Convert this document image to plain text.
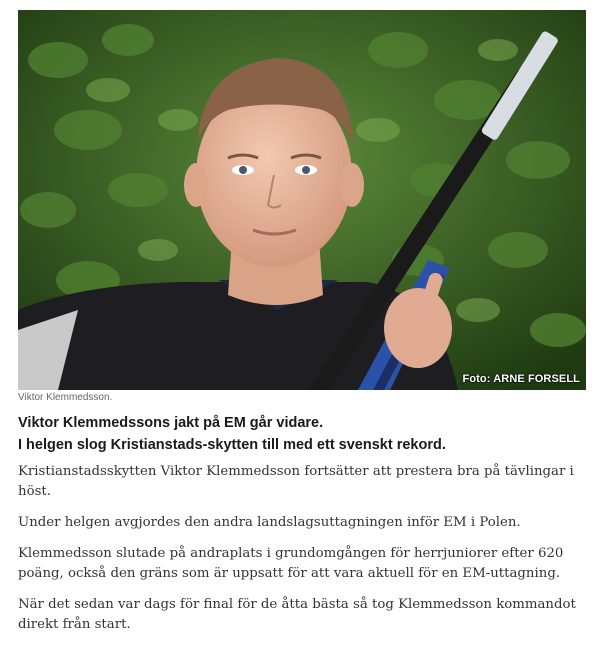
Foto: ARNE FORSELL
Viktor Klemmedsson.
Viktor Klemmedssons jakt på EM går vidare.
I helgen slog Kristianstads-skytten till med ett svenskt rekord.

Kristianstadsskytten Viktor Klemmedsson fortsätter att prestera bra på tävlingar i höst.

Under helgen avgjordes den andra landslagsuttagningen inför EM i Polen.

Klemmedsson slutade på andraplats i grundomgången för herrjuniorer efter 620 poäng, också den gräns som är uppsatt för att vara aktuell för en EM-uttagning.

När det sedan var dags för final för de åtta bästa så tog Klemmedsson kommandot direkt från start.
